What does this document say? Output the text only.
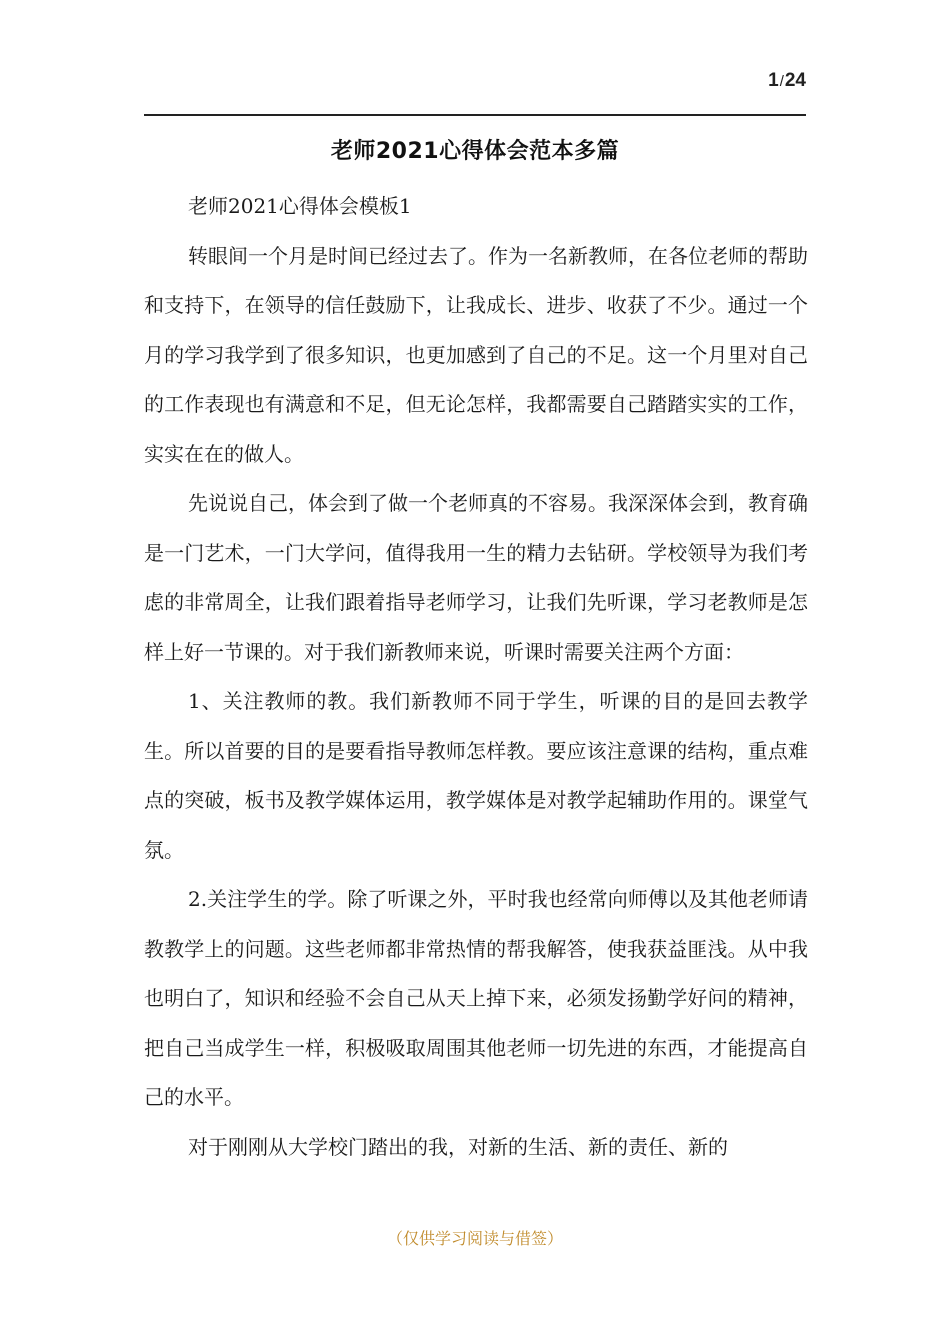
1/24
老师2021心得体会范本多篇

老师2021心得体会模板1

转眼间一个月是时间已经过去了。作为一名新教师，在各位老师的帮助和支持下，在领导的信任鼓励下，让我成长、进步、收获了不少。通过一个月的学习我学到了很多知识，也更加感到了自己的不足。这一个月里对自己的工作表现也有满意和不足，但无论怎样，我都需要自己踏踏实实的工作，实实在在的做人。

先说说自己，体会到了做一个老师真的不容易。我深深体会到，教育确是一门艺术，一门大学问，值得我用一生的精力去钻研。学校领导为我们考虑的非常周全，让我们跟着指导老师学习，让我们先听课，学习老教师是怎样上好一节课的。对于我们新教师来说，听课时需要关注两个方面：

1、关注教师的教。我们新教师不同于学生，听课的目的是回去教学生。所以首要的目的是要看指导教师怎样教。要应该注意课的结构，重点难点的突破，板书及教学媒体运用，教学媒体是对教学起辅助作用的。课堂气氛。

2.关注学生的学。除了听课之外，平时我也经常向师傅以及其他老师请教教学上的问题。这些老师都非常热情的帮我解答，使我获益匪浅。从中我也明白了，知识和经验不会自己从天上掉下来，必须发扬勤学好问的精神，把自己当成学生一样，积极吸取周围其他老师一切先进的东西，才能提高自己的水平。

对于刚刚从大学校门踏出的我，对新的生活、新的责任、新的

（仅供学习阅读与借签）
